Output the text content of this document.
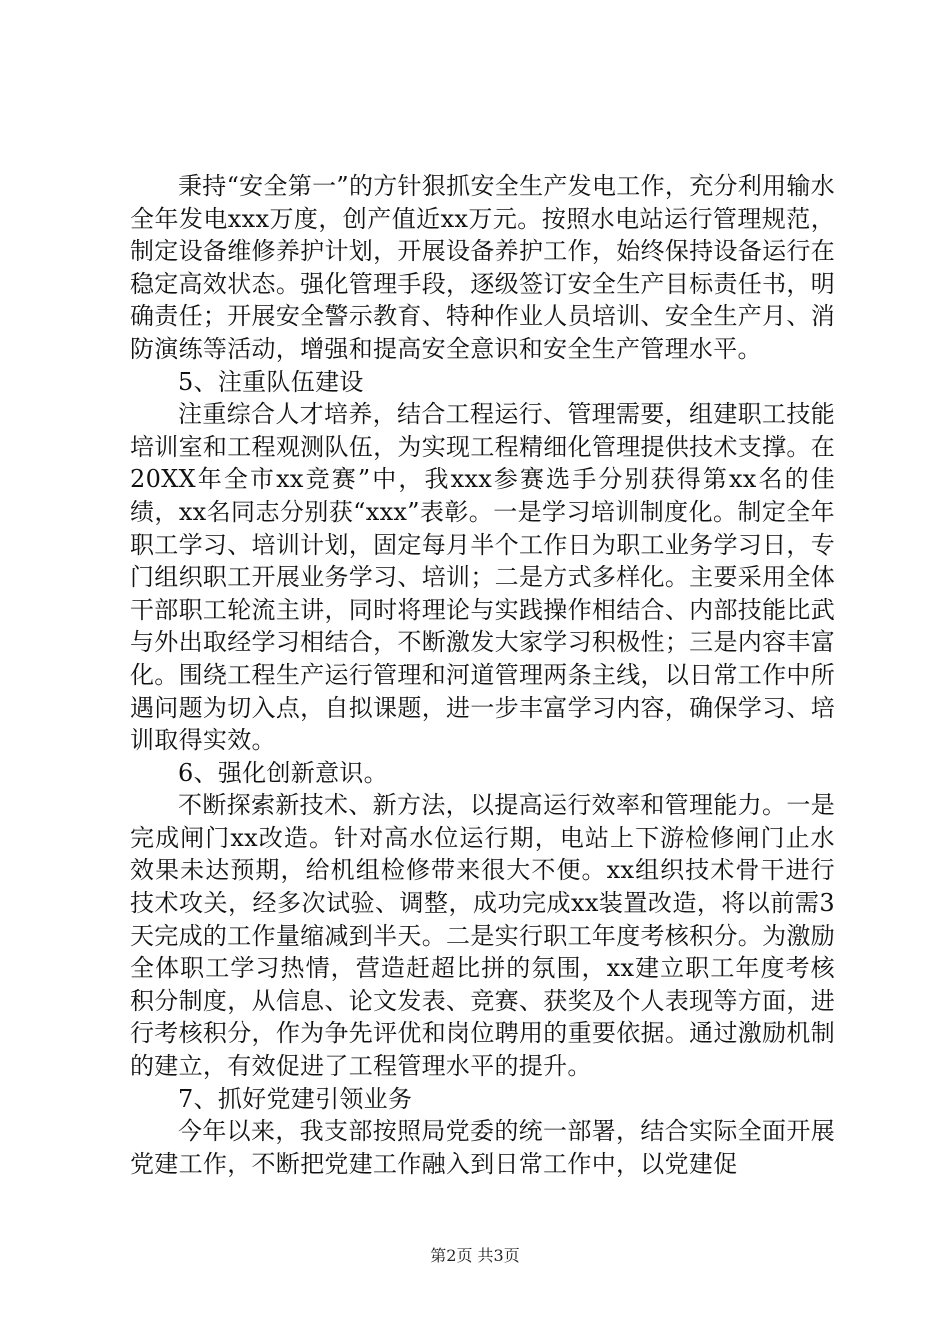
秉持“安全第一”的方针狠抓安全生产发电工作，充分利用输水全年发电xxx万度，创产值近xx万元。按照水电站运行管理规范，制定设备维修养护计划，开展设备养护工作，始终保持设备运行在稳定高效状态。强化管理手段，逐级签订安全生产目标责任书，明确责任；开展安全警示教育、特种作业人员培训、安全生产月、消防演练等活动，增强和提高安全意识和安全生产管理水平。

5、注重队伍建设

注重综合人才培养，结合工程运行、管理需要，组建职工技能培训室和工程观测队伍，为实现工程精细化管理提供技术支撑。在20XX年全市xx竞赛”中，我xxx参赛选手分别获得第xx名的佳绩，xx名同志分别获“xxx”表彰。一是学习培训制度化。制定全年职工学习、培训计划，固定每月半个工作日为职工业务学习日，专门组织职工开展业务学习、培训；二是方式多样化。主要采用全体干部职工轮流主讲，同时将理论与实践操作相结合、内部技能比武与外出取经学习相结合，不断激发大家学习积极性；三是内容丰富化。围绕工程生产运行管理和河道管理两条主线，以日常工作中所遇问题为切入点，自拟课题，进一步丰富学习内容，确保学习、培训取得实效。

6、强化创新意识。

不断探索新技术、新方法，以提高运行效率和管理能力。一是完成闸门xx改造。针对高水位运行期，电站上下游检修闸门止水效果未达预期，给机组检修带来很大不便。xx组织技术骨干进行技术攻关，经多次试验、调整，成功完成xx装置改造，将以前需3天完成的工作量缩减到半天。二是实行职工年度考核积分。为激励全体职工学习热情，营造赶超比拼的氛围，xx建立职工年度考核积分制度，从信息、论文发表、竞赛、获奖及个人表现等方面，进行考核积分，作为争先评优和岗位聘用的重要依据。通过激励机制的建立，有效促进了工程管理水平的提升。

7、抓好党建引领业务

今年以来，我支部按照局党委的统一部署，结合实际全面开展党建工作，不断把党建工作融入到日常工作中，以党建促

第2页 共3页
